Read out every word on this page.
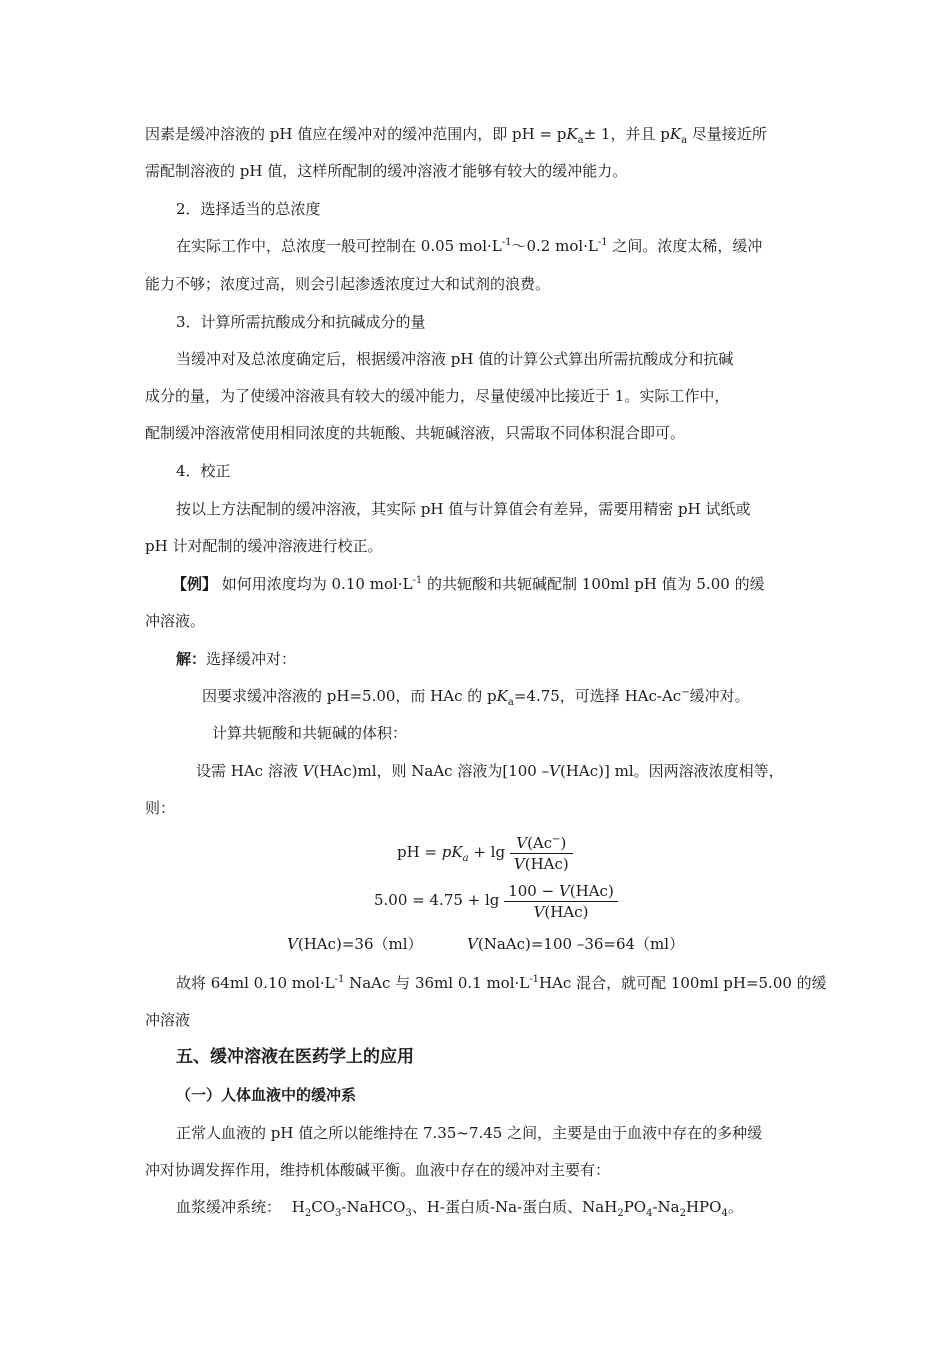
因素是缓冲溶液的 pH 值应在缓冲对的缓冲范围内，即 pH = $pK_a\pm 1$，并且 $pK_a$ 尽量接近所
需配制溶液的 pH 值，这样所配制的缓冲溶液才能够有较大的缓冲能力。
2．选择适当的总浓度
在实际工作中，总浓度一般可控制在 0.05 $mol\cdot L^{-1}\sim 0.2$ $mol\cdot L^{-1}$ 之间。浓度太稀，缓冲
能力不够；浓度过高，则会引起渗透浓度过大和试剂的浪费。
3．计算所需抗酸成分和抗碱成分的量
当缓冲对及总浓度确定后，根据缓冲溶液 pH 值的计算公式算出所需抗酸成分和抗碱
成分的量，为了使缓冲溶液具有较大的缓冲能力，尽量使缓冲比接近于 1。实际工作中，
配制缓冲溶液常使用相同浓度的共轭酸、共轭碱溶液，只需取不同体积混合即可。
4．校正
按以上方法配制的缓冲溶液，其实际 pH 值与计算值会有差异，需要用精密 pH 试纸或
pH 计对配制的缓冲溶液进行校正。
【例】 如何用浓度均为 0.10 $mol\cdot L^{-1}$ 的共轭酸和共轭碱配制 100ml pH 值为 5.00 的缓
冲溶液。
解：选择缓冲对：
因要求缓冲溶液的 pH=5.00，而 HAc 的 $pK_a=4.75$，可选择 HAc-Ac−缓冲对。
计算共轭酸和共轭碱的体积：
设需 HAc 溶液 V(HAc)ml，则 NaAc 溶液为[100 –V(HAc)] ml。因两溶液浓度相等，
则：
pH = $pK_a + \lg \frac{V(Ac^-)}{\text{V(HAc)}}$
$5.00 = 4.75 + \lg \frac{\text{100 − V(HAc)}}{\text{V(HAc)}}$
V(HAc)=36（ml）	V(NaAc)=100 –36=64（ml）
故将 64ml 0.10 $mol\cdot L^{-1}$ NaAc 与 36ml 0.1 $mol\cdot L^{-1}HAc$ 混合，就可配 100ml pH=5.00 的缓
冲溶液
五、缓冲溶液在医药学上的应用
（一）人体血液中的缓冲系
正常人血液的 pH 值之所以能维持在 7.35~7.45 之间，主要是由于血液中存在的多种缓
冲对协调发挥作用，维持机体酸碱平衡。血液中存在的缓冲对主要有：
血浆缓冲系统： $H_2CO_3-NaHCO_3$、H-蛋白质-Na-蛋白质、$NaH_2PO_4-Na_2HPO_4$。
